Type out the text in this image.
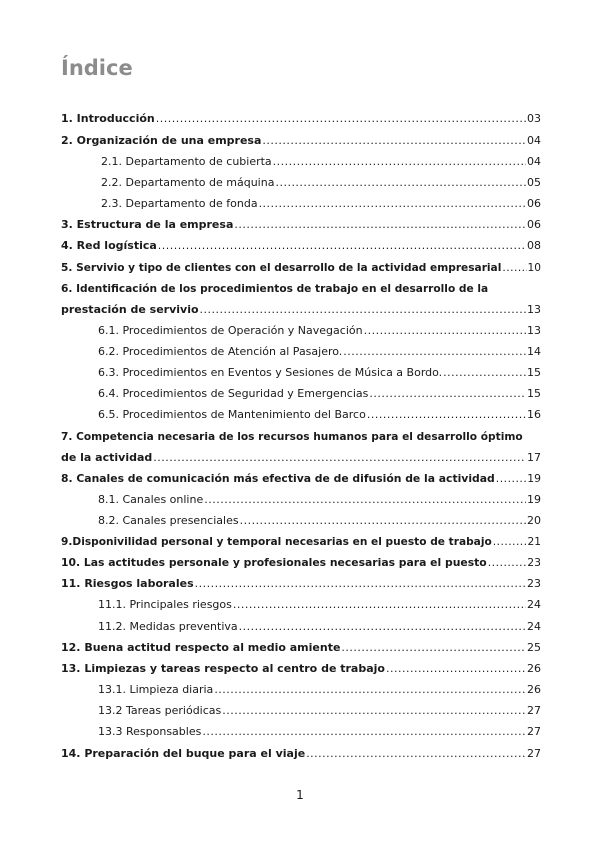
Índice
1. Introducción .....	03
2. Organización de una empresa .....	04
2.1. Departamento de cubierta .....	04
2.2. Departamento de máquina .....	05
2.3. Departamento de fonda .....	06
3. Estructura de la empresa .....	06
4. Red logística .....	08
5. Servivio y tipo de clientes con el desarrollo de la actividad empresarial ..... 10
6. Identificación de los procedimientos de trabajo en el desarrollo de la
prestación de servivio .....	13
6.1. Procedimientos de Operación y Navegación .....	13
6.2. Procedimientos de Atención al Pasajero. .....	14
6.3. Procedimientos en Eventos y Sesiones de Música a Bordo. .....	15
6.4. Procedimientos de Seguridad y Emergencias .....	15
6.5. Procedimientos de Mantenimiento del Barco .....	16
7. Competencia necesaria de los recursos humanos para el desarrollo óptimo
de la actividad .....	17
8. Canales de comunicación más efectiva de de difusión de la actividad .....	19
8.1. Canales online .....	19
8.2. Canales presenciales .....	20
9.Disponivilidad personal y temporal necesarias en el puesto de trabajo .....	21
10. Las actitudes personale y profesionales necesarias para el puesto .....	23
11. Riesgos laborales .....	23
11.1. Principales riesgos .....	24
11.2. Medidas preventiva .....	24
12. Buena actitud respecto al medio amiente .....	25
13. Limpiezas y tareas respecto al centro de trabajo .....	26
13.1. Limpieza diaria .....	26
13.2 Tareas periódicas .....	27
13.3 Responsables .....	27
14. Preparación del buque para el viaje .....	27
1
